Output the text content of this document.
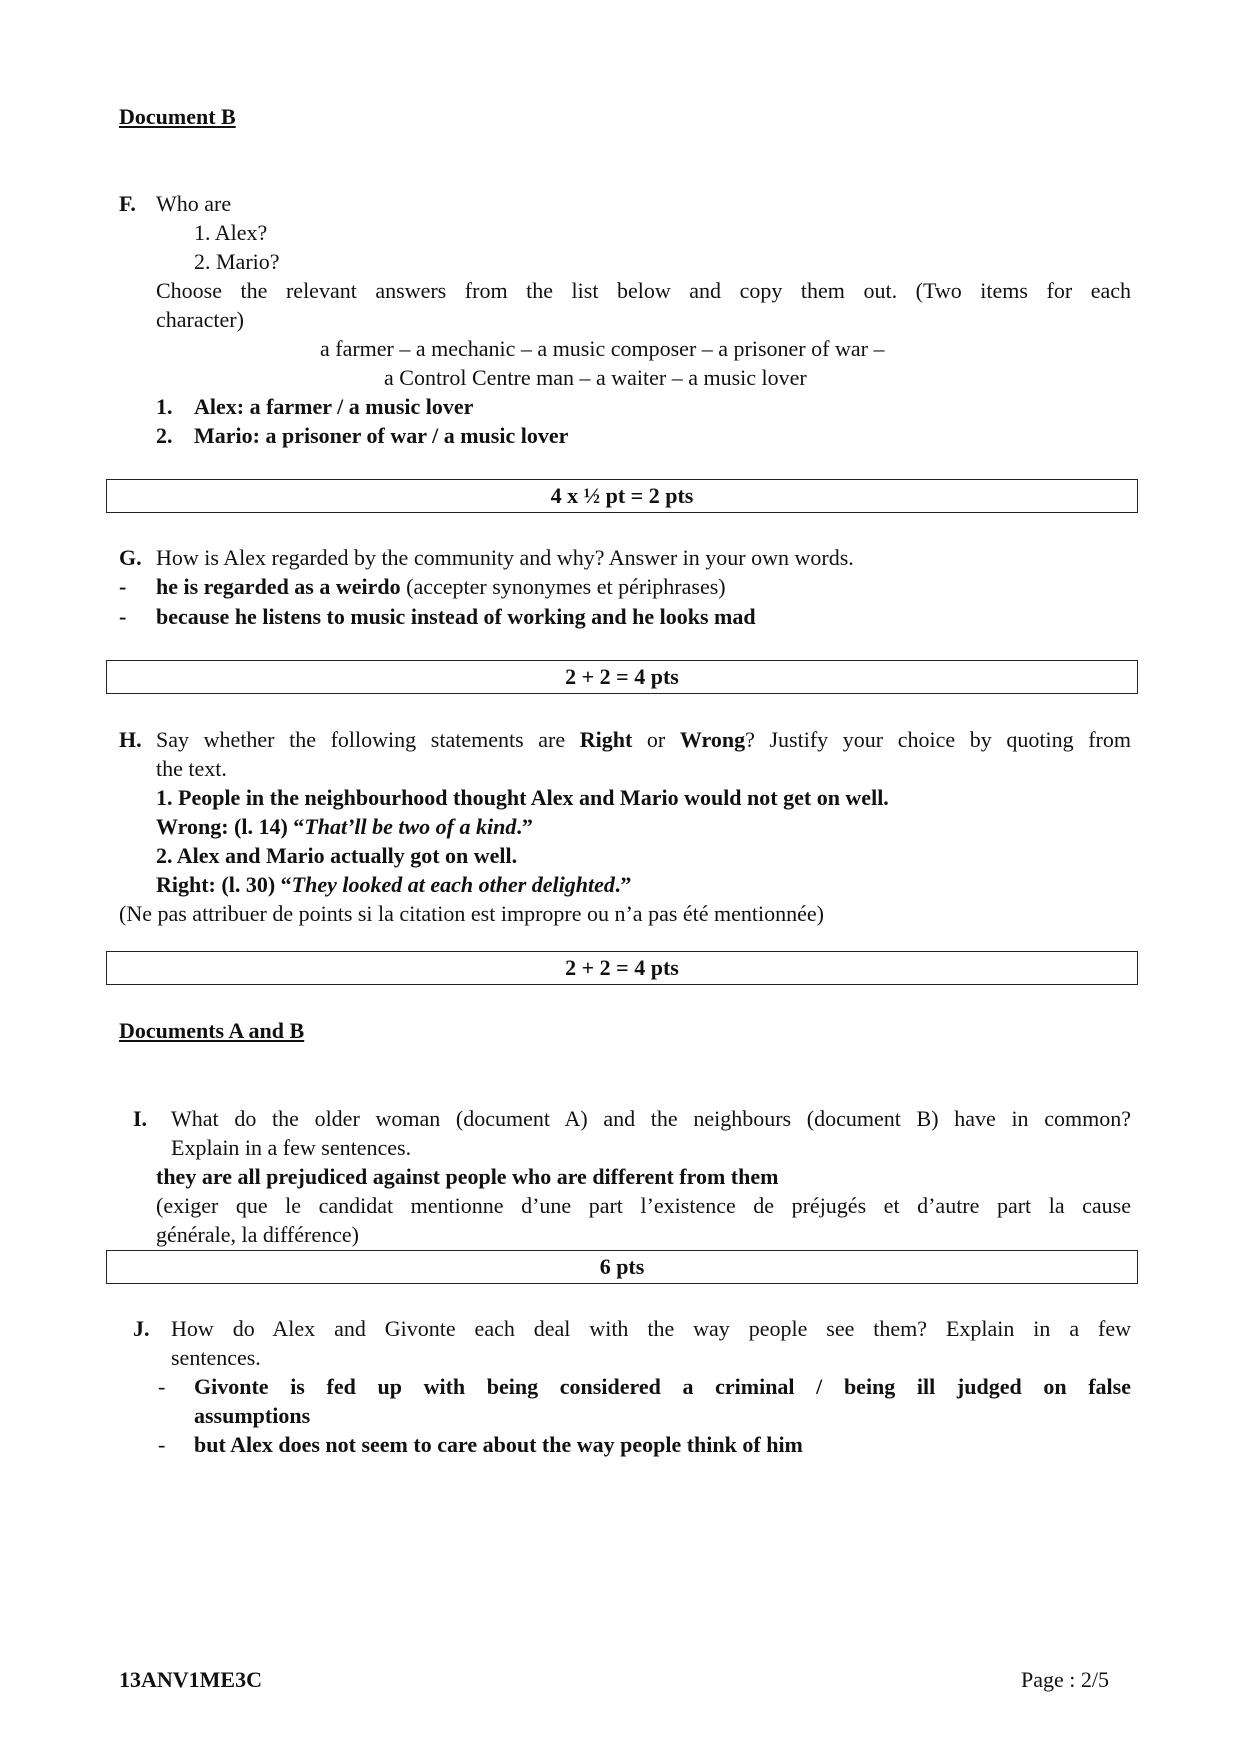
Document B
F. Who are
1. Alex?
2. Mario?
Choose the relevant answers from the list below and copy them out. (Two items for each
character)
a farmer – a mechanic – a music composer – a prisoner of war –
a Control Centre man – a waiter – a music lover
1. Alex: a farmer / a music lover
2. Mario: a prisoner of war / a music lover
4 x ½ pt = 2 pts
G. How is Alex regarded by the community and why? Answer in your own words.
- he is regarded as a weirdo (accepter synonymes et périphrases)
- because he listens to music instead of working and he looks mad
2 + 2 = 4 pts
H. Say whether the following statements are Right or Wrong? Justify your choice by quoting from
the text.
1. People in the neighbourhood thought Alex and Mario would not get on well.
Wrong: (l. 14) “That’ll be two of a kind.”
2. Alex and Mario actually got on well.
Right: (l. 30) “They looked at each other delighted.”
(Ne pas attribuer de points si la citation est impropre ou n’a pas été mentionnée)
2 + 2 = 4 pts
Documents A and B
I. What do the older woman (document A) and the neighbours (document B) have in common?
Explain in a few sentences.
they are all prejudiced against people who are different from them
(exiger que le candidat mentionne d’une part l’existence de préjugés et d’autre part la cause
générale, la différence)
6 pts
J. How do Alex and Givonte each deal with the way people see them? Explain in a few
sentences.
- Givonte is fed up with being considered a criminal / being ill judged on false
assumptions
- but Alex does not seem to care about the way people think of him
13ANV1ME3C	Page : 2/5
